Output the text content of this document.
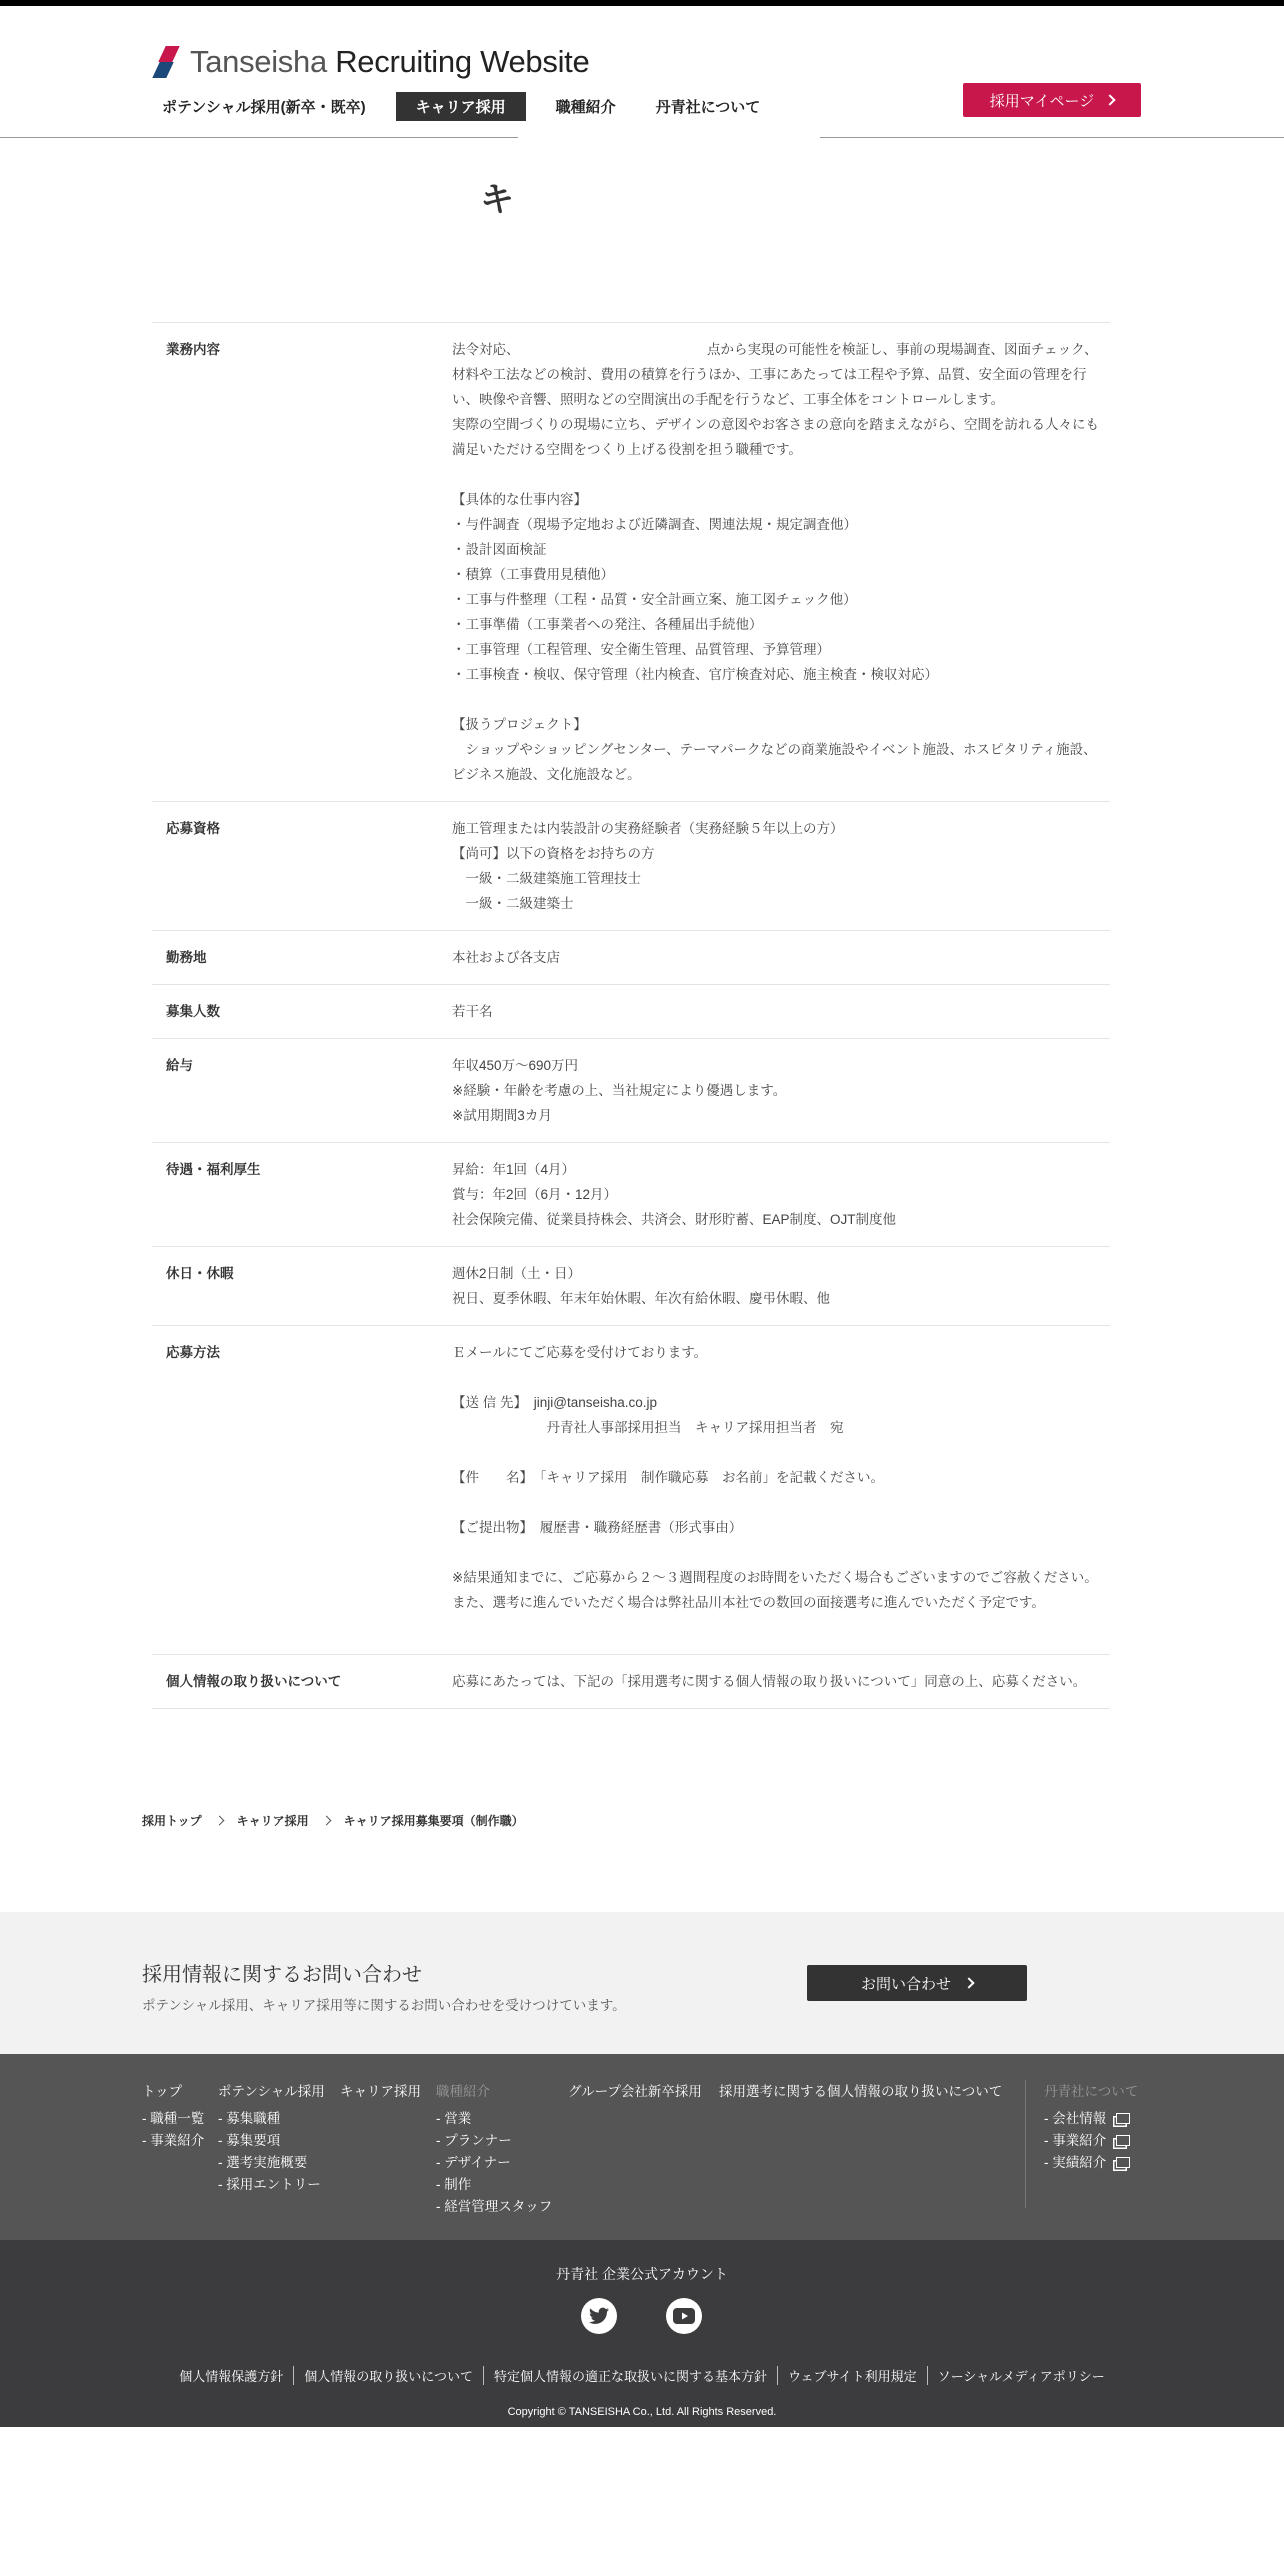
Tanseisha Recruiting Website
ポテンシャル採用(新卒・既卒)	キャリア採用	職種紹介	丹青社について	採用マイページ
キ
業務内容	法令対応、                                                  点から実現の可能性を検証し、事前の現場調査、図面チェック、材料や工法などの検討、費用の積算を行うほか、工事にあたっては工程や予算、品質、安全面の管理を行い、映像や音響、照明などの空間演出の手配を行うなど、工事全体をコントロールします。
実際の空間づくりの現場に立ち、デザインの意図やお客さまの意向を踏まえながら、空間を訪れる人々にも満足いただける空間をつくり上げる役割を担う職種です。

【具体的な仕事内容】
・与件調査（現場予定地および近隣調査、関連法規・規定調査他）
・設計図面検証
・積算（工事費用見積他）
・工事与件整理（工程・品質・安全計画立案、施工図チェック他）
・工事準備（工事業者への発注、各種届出手続他）
・工事管理（工程管理、安全衛生管理、品質管理、予算管理）
・工事検査・検収、保守管理（社内検査、官庁検査対応、施主検査・検収対応）

【扱うプロジェクト】
　ショップやショッピングセンター、テーマパークなどの商業施設やイベント施設、ホスピタリティ施設、ビジネス施設、文化施設など。
応募資格	施工管理または内装設計の実務経験者（実務経験５年以上の方）
【尚可】以下の資格をお持ちの方
　一級・二級建築施工管理技士
　一級・二級建築士
勤務地	本社および各支店

募集人数	若干名
給与	年収450万～690万円
※経験・年齢を考慮の上、当社規定により優遇します。
※試用期間3カ月
待遇・福利厚生	昇給：年1回（4月）
賞与：年2回（6月・12月）
社会保険完備、従業員持株会、共済会、財形貯蓄、EAP制度、OJT制度他
休日・休暇	週休2日制（土・日）
祝日、夏季休暇、年末年始休暇、年次有給休暇、慶弔休暇、他
応募方法	Ｅメールにてご応募を受付けております。

【送 信 先】　jinji@tanseisha.co.jp
　　　　　　　丹青社人事部採用担当　キャリア採用担当者　宛

【件　　名】　「キャリア採用　制作職応募　お名前」を記載ください。

【ご提出物】　履歴書・職務経歴書（形式事由）

※結果通知までに、ご応募から２～３週間程度のお時間をいただく場合もございますのでご容赦ください。
また、選考に進んでいただく場合は弊社品川本社での数回の面接選考に進んでいただく予定です。

個人情報の取り扱いについて	応募にあたっては、下記の「採用選考に関する個人情報の取り扱いについて」同意の上、応募ください。
採用トップ	キャリア採用	キャリア採用募集要項（制作職）
採用情報に関するお問い合わせ
ポテンシャル採用、キャリア採用等に関するお問い合わせを受けつけています。
お問い合わせ
トップ
- 職種一覧
- 事業紹介
ポテンシャル採用
- 募集職種
- 募集要項
- 選考実施概要
- 採用エントリー
キャリア採用 職種紹介
- 営業
- プランナー
- デザイナー
- 制作
- 経営管理スタッフ
グループ会社新卒採用 採用選考に関する個人情報の取り扱いについて	丹青社について
- 会社情報
- 事業紹介
- 実績紹介
丹青社 企業公式アカウント
個人情報保護方針	個人情報の取り扱いについて	特定個人情報の適正な取扱いに関する基本方針	ウェブサイト利用規定	ソーシャルメディアポリシー
Copyright © TANSEISHA Co., Ltd. All Rights Reserved.
